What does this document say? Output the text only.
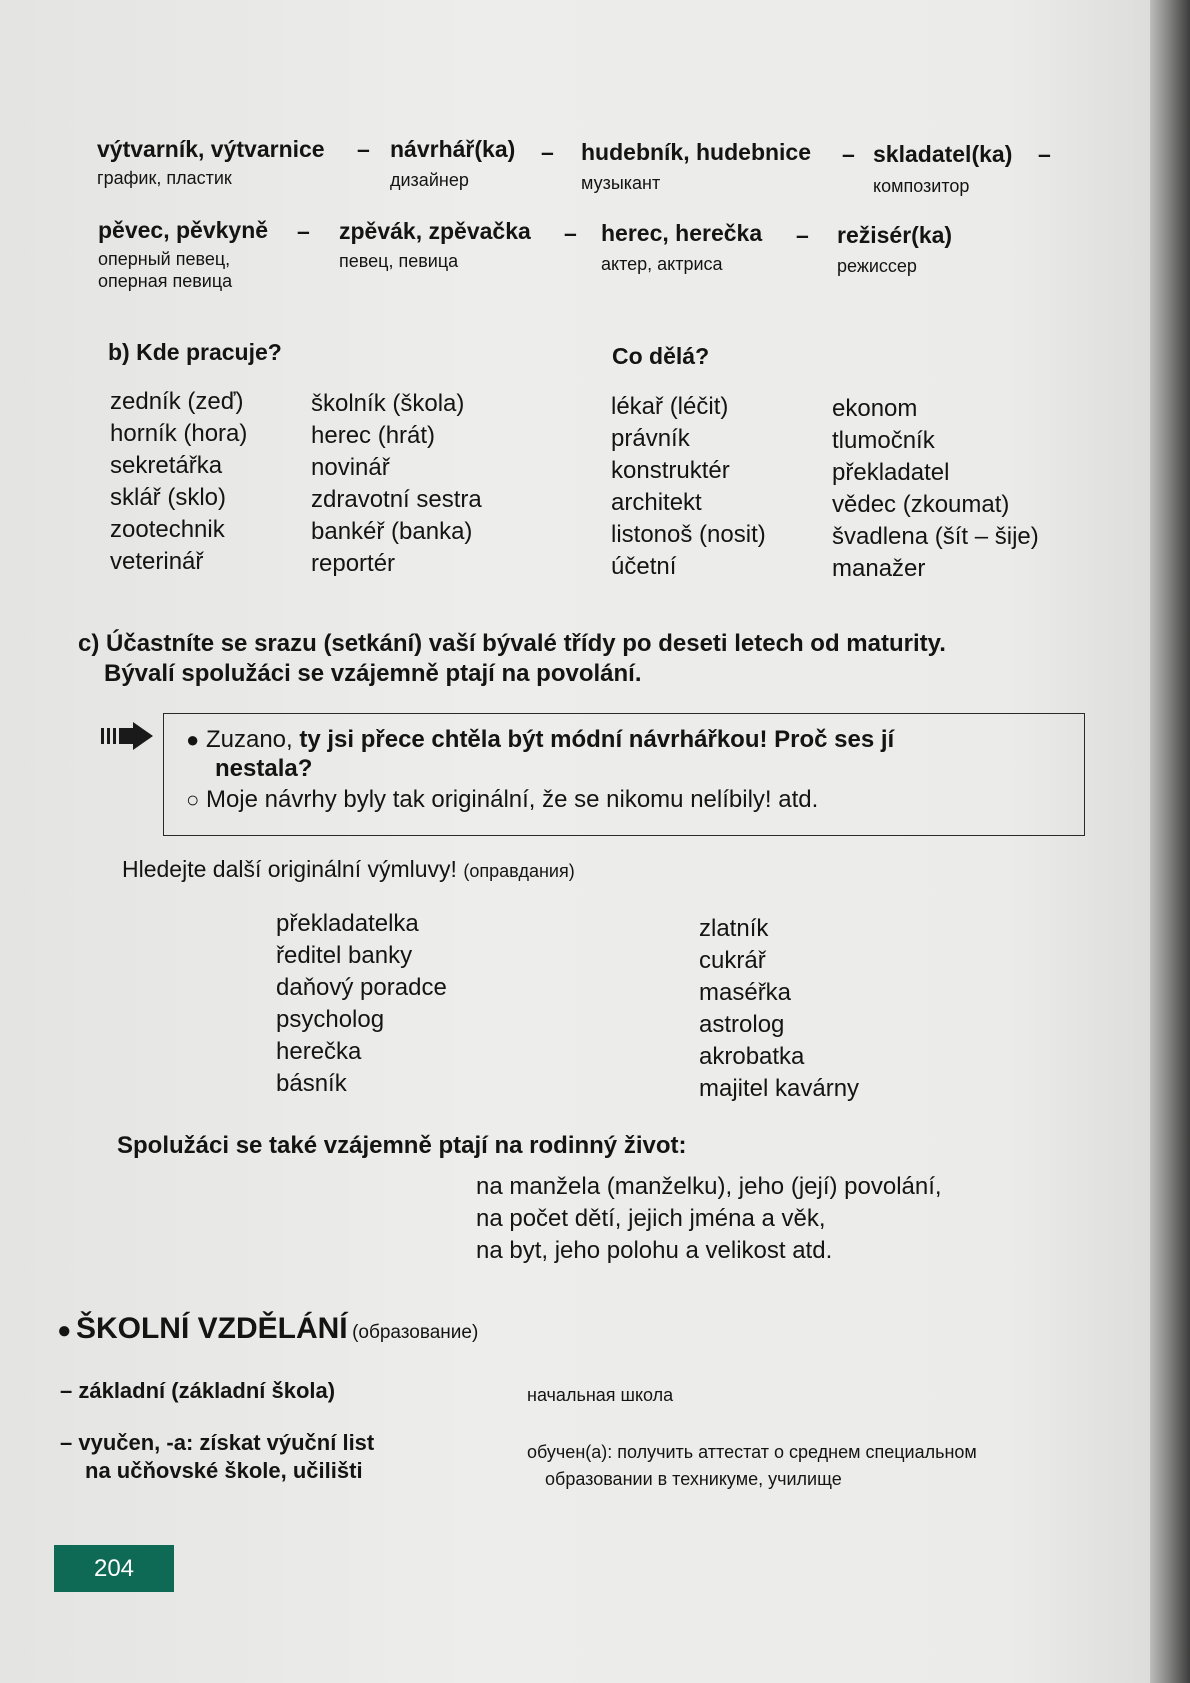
výtvarník, výtvarnice
график, пластик
– návrhář(ka)
дизайнер
– hudebník, hudebnice
музыкант
– skladatel(ka)
композитор
–
pěvec, pěvkyně
оперный певец,
оперная певица
– zpěvák, zpěvačka
певец, певица
– herec, herečka
актер, актриса
– režisér(ka)
режиссер
b) Kde pracuje?	Co dělá?
zedník (zeď)
horník (hora)
sekretářka
sklář (sklo)
zootechnik
veterinář
školník (škola)
herec (hrát)
novinář
zdravotní sestra
bankéř (banka)
reportér
lékař (léčit)
právník
konstruktér
architekt
listonoš (nosit)
účetní
ekonom
tlumočník
překladatel
vědec (zkoumat)
švadlena (šít – šije)
manažer
c) Účastníte se srazu (setkání) vaší bývalé třídy po deseti letech od maturity.
Bývalí spolužáci se vzájemně ptají na povolání.
● Zuzano, ty jsi přece chtěla být módní návrhářkou! Proč ses jí
nestala?
○ Moje návrhy byly tak originální, že se nikomu nelíbily! atd.
Hledejte další originální výmluvy! (оправдания)
překladatelka
ředitel banky
daňový poradce
psycholog
herečka
básník
zlatník
cukrář
maséřka
astrolog
akrobatka
majitel kavárny
Spolužáci se také vzájemně ptají na rodinný život:
na manžela (manželku), jeho (její) povolání,
na počet dětí, jejich jména a věk,
na byt, jeho polohu a velikost atd.
● ŠKOLNÍ VZDĚLÁNÍ (образование)
– základní (základní škola)	начальная школа
– vyučen, -a: získat výuční list
na učňovské škole, učilišti
обучен(а): получить аттестат о среднем специальном
образовании в техникуме, училище
204
